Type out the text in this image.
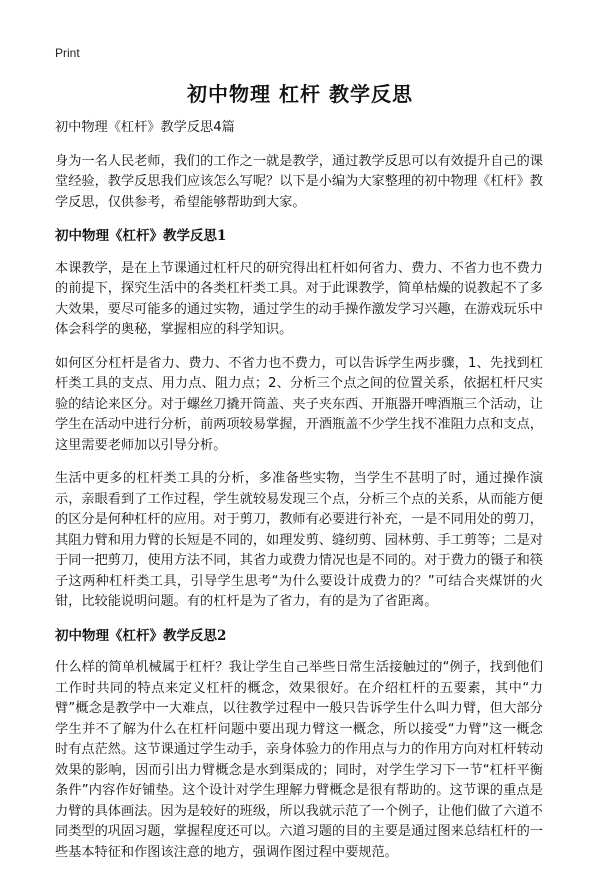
Print
初中物理 杠杆 教学反思

初中物理《杠杆》教学反思4篇

身为一名人民老师，我们的工作之一就是教学，通过教学反思可以有效提升自己的课堂经验，教学反思我们应该怎么写呢？以下是小编为大家整理的初中物理《杠杆》教学反思，仅供参考，希望能够帮助到大家。

初中物理《杠杆》教学反思1

本课教学，是在上节课通过杠杆尺的研究得出杠杆如何省力、费力、不省力也不费力的前提下，探究生活中的各类杠杆类工具。对于此课教学，简单枯燥的说教起不了多大效果，要尽可能多的通过实物，通过学生的动手操作激发学习兴趣，在游戏玩乐中体会科学的奥秘，掌握相应的科学知识。

如何区分杠杆是省力、费力、不省力也不费力，可以告诉学生两步骤，1、先找到杠杆类工具的支点、用力点、阻力点；2、分析三个点之间的位置关系，依据杠杆尺实验的结论来区分。对于螺丝刀撬开筒盖、夹子夹东西、开瓶器开啤酒瓶三个活动，让学生在活动中进行分析，前两项较易掌握，开酒瓶盖不少学生找不准阻力点和支点，这里需要老师加以引导分析。

生活中更多的杠杆类工具的分析，多准备些实物，当学生不甚明了时，通过操作演示，亲眼看到了工作过程，学生就较易发现三个点，分析三个点的关系，从而能方便的区分是何种杠杆的应用。对于剪刀，教师有必要进行补充，一是不同用处的剪刀，其阻力臂和用力臂的长短是不同的，如理发剪、缝纫剪、园林剪、手工剪等；二是对于同一把剪刀，使用方法不同，其省力或费力情况也是不同的。对于费力的镊子和筷子这两种杠杆类工具，引导学生思考“为什么要设计成费力的？”可结合夹煤饼的火钳，比较能说明问题。有的杠杆是为了省力，有的是为了省距离。

初中物理《杠杆》教学反思2

什么样的简单机械属于杠杆？我让学生自己举些日常生活接触过的“例子，找到他们工作时共同的特点来定义杠杆的概念，效果很好。在介绍杠杆的五要素，其中“力臂”概念是教学中一大难点，以往教学过程中一般只告诉学生什么叫力臂，但大部分学生并不了解为什么在杠杆问题中要出现力臂这一概念，所以接受“力臂”这一概念时有点茫然。这节课通过学生动手，亲身体验力的作用点与力的作用方向对杠杆转动效果的影响，因而引出力臂概念是水到渠成的；同时，对学生学习下一节“杠杆平衡条件”内容作好铺垫。这个设计对学生理解力臂概念是很有帮助的。这节课的重点是力臂的具体画法。因为是较好的班级，所以我就示范了一个例子，让他们做了六道不同类型的巩固习题，掌握程度还可以。六道习题的目的主要是通过图来总结杠杆的一些基本特征和作图该注意的地方，强调作图过程中要规范。
